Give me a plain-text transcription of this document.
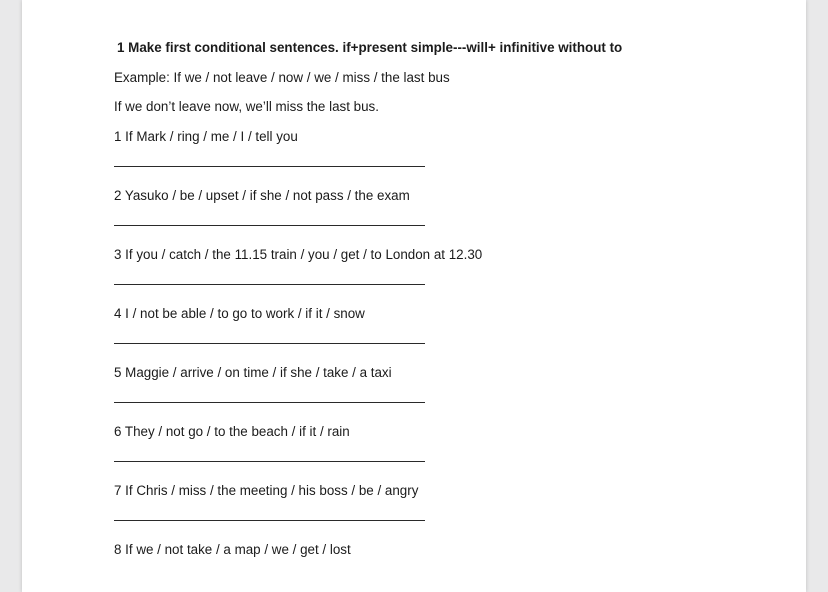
1 Make first conditional sentences. if+present simple---will+ infinitive without to

Example: If we / not leave / now / we / miss / the last bus

If we don’t leave now, we’ll miss the last bus.

1 If Mark / ring / me / I / tell you

2 Yasuko / be / upset / if she / not pass / the exam

3 If you / catch / the 11.15 train / you / get / to London at 12.30

4 I / not be able / to go to work / if it / snow

5 Maggie / arrive / on time / if she / take / a taxi

6 They / not go / to the beach / if it / rain

7 If Chris / miss / the meeting / his boss / be / angry

8 If we / not take / a map / we / get / lost
